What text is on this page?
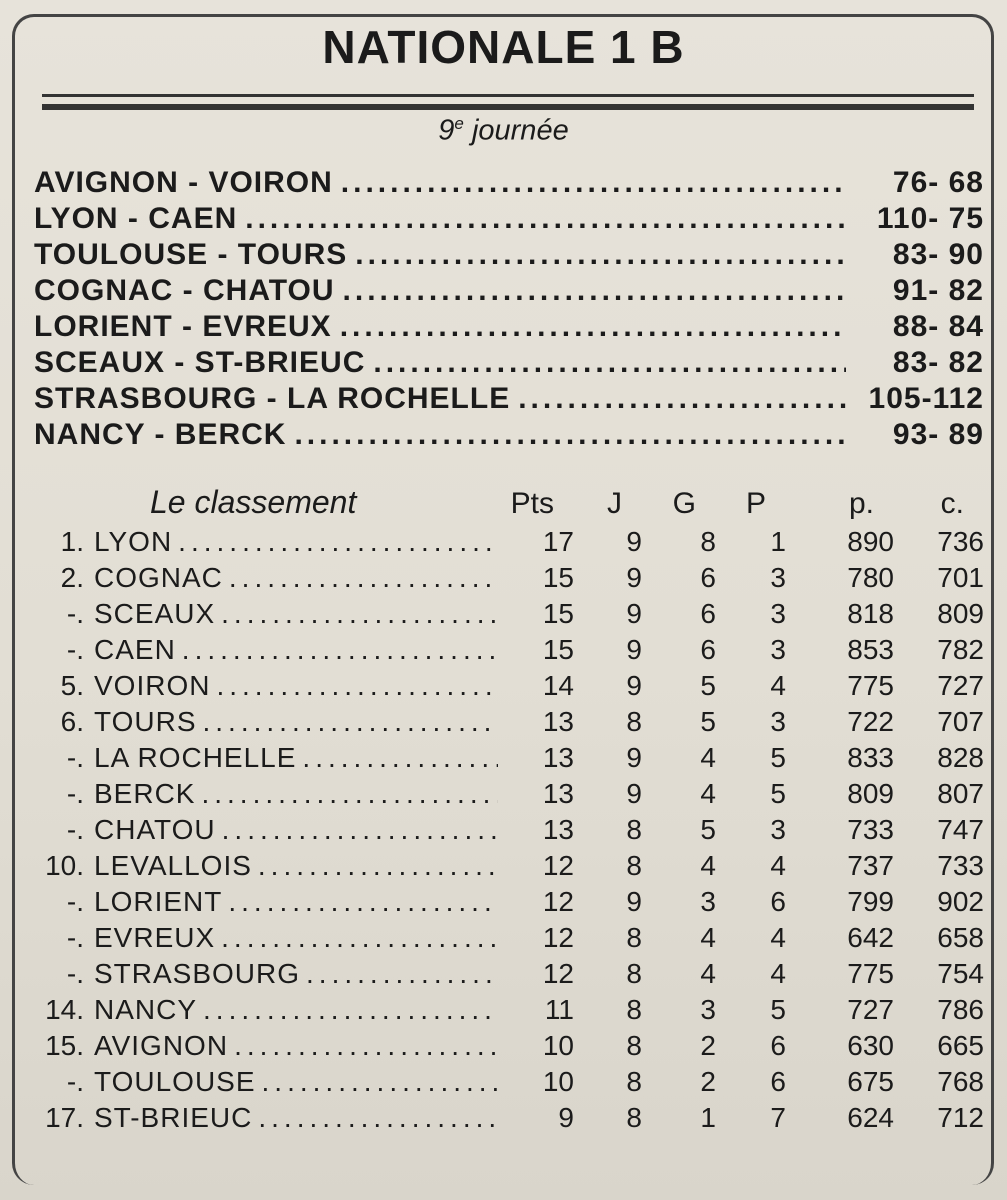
NATIONALE 1 B
9e journée
AVIGNON - VOIRON .....	76- 68
LYON - CAEN .....	110- 75
TOULOUSE - TOURS .....	83- 90
COGNAC - CHATOU .....	91- 82
LORIENT - EVREUX .....	88- 84
SCEAUX - ST-BRIEUC .....	83- 82
STRASBOURG - LA ROCHELLE .....	105-112
NANCY - BERCK .....	93- 89
Le classement	Pts	J	G	P	p.	c.
1. LYON .....	17	9	8	1	890	736
2. COGNAC .....	15	9	6	3	780	701
-. SCEAUX .....	15	9	6	3	818	809
-. CAEN .....	15	9	6	3	853	782
5. VOIRON .....	14	9	5	4	775	727
6. TOURS .....	13	8	5	3	722	707
-. LA ROCHELLE .....	13	9	4	5	833	828
-. BERCK .....	13	9	4	5	809	807
-. CHATOU .....	13	8	5	3	733	747
10. LEVALLOIS .....	12	8	4	4	737	733
-. LORIENT .....	12	9	3	6	799	902
-. EVREUX .....	12	8	4	4	642	658
-. STRASBOURG .....	12	8	4	4	775	754
14. NANCY .....	11	8	3	5	727	786
15. AVIGNON .....	10	8	2	6	630	665
-. TOULOUSE .....	10	8	2	6	675	768
17. ST-BRIEUC .....	9	8	1	7	624	712
